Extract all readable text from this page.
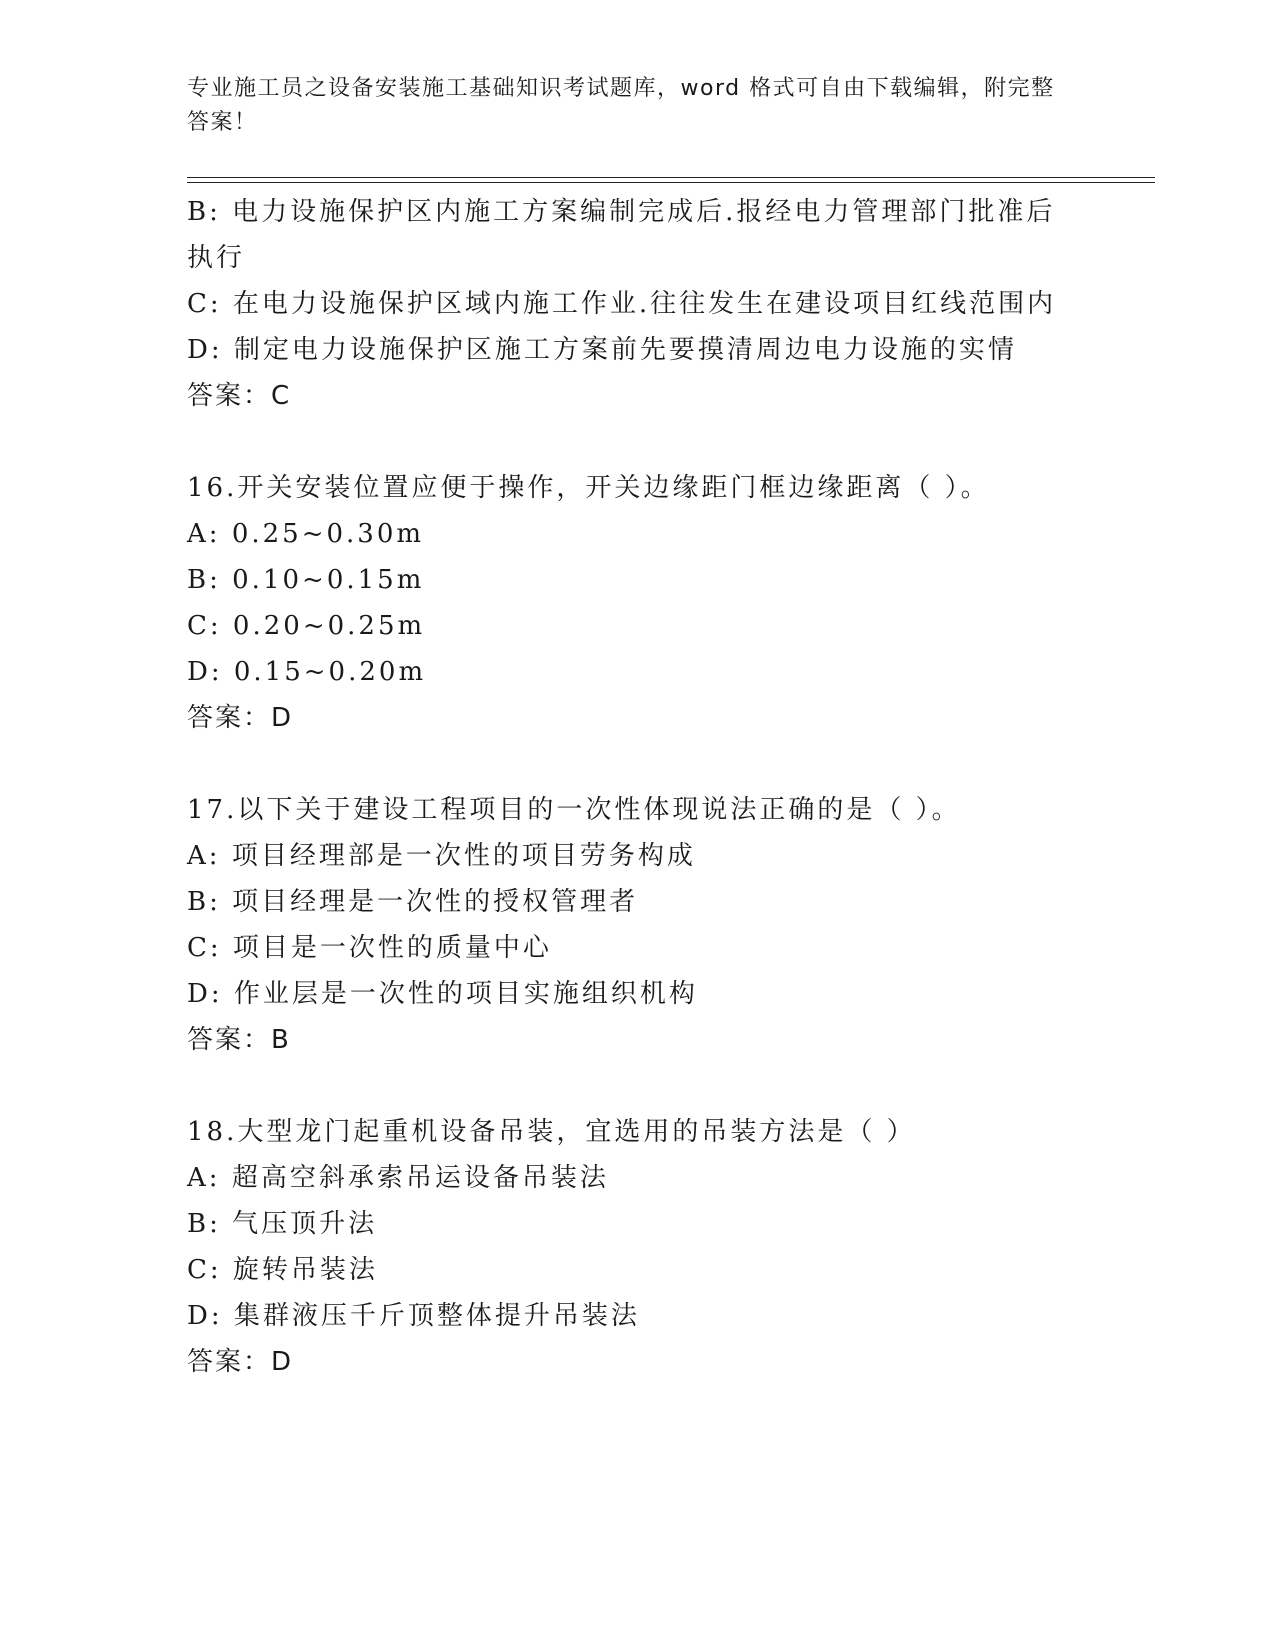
专业施工员之设备安装施工基础知识考试题库，word 格式可自由下载编辑，附完整答案！
B: 电力设施保护区内施工方案编制完成后.报经电力管理部门批准后
执行
C: 在电力设施保护区域内施工作业.往往发生在建设项目红线范围内
D: 制定电力设施保护区施工方案前先要摸清周边电力设施的实情
答案：C
16.开关安装位置应便于操作，开关边缘距门框边缘距离（ ）。
A: 0.25~0.30m
B: 0.10~0.15m
C: 0.20~0.25m
D: 0.15~0.20m
答案：D
17.以下关于建设工程项目的一次性体现说法正确的是（ ）。
A: 项目经理部是一次性的项目劳务构成
B: 项目经理是一次性的授权管理者
C: 项目是一次性的质量中心
D: 作业层是一次性的项目实施组织机构
答案：B
18.大型龙门起重机设备吊装，宜选用的吊装方法是（ ）
A: 超高空斜承索吊运设备吊装法
B: 气压顶升法
C: 旋转吊装法
D: 集群液压千斤顶整体提升吊装法
答案：D
